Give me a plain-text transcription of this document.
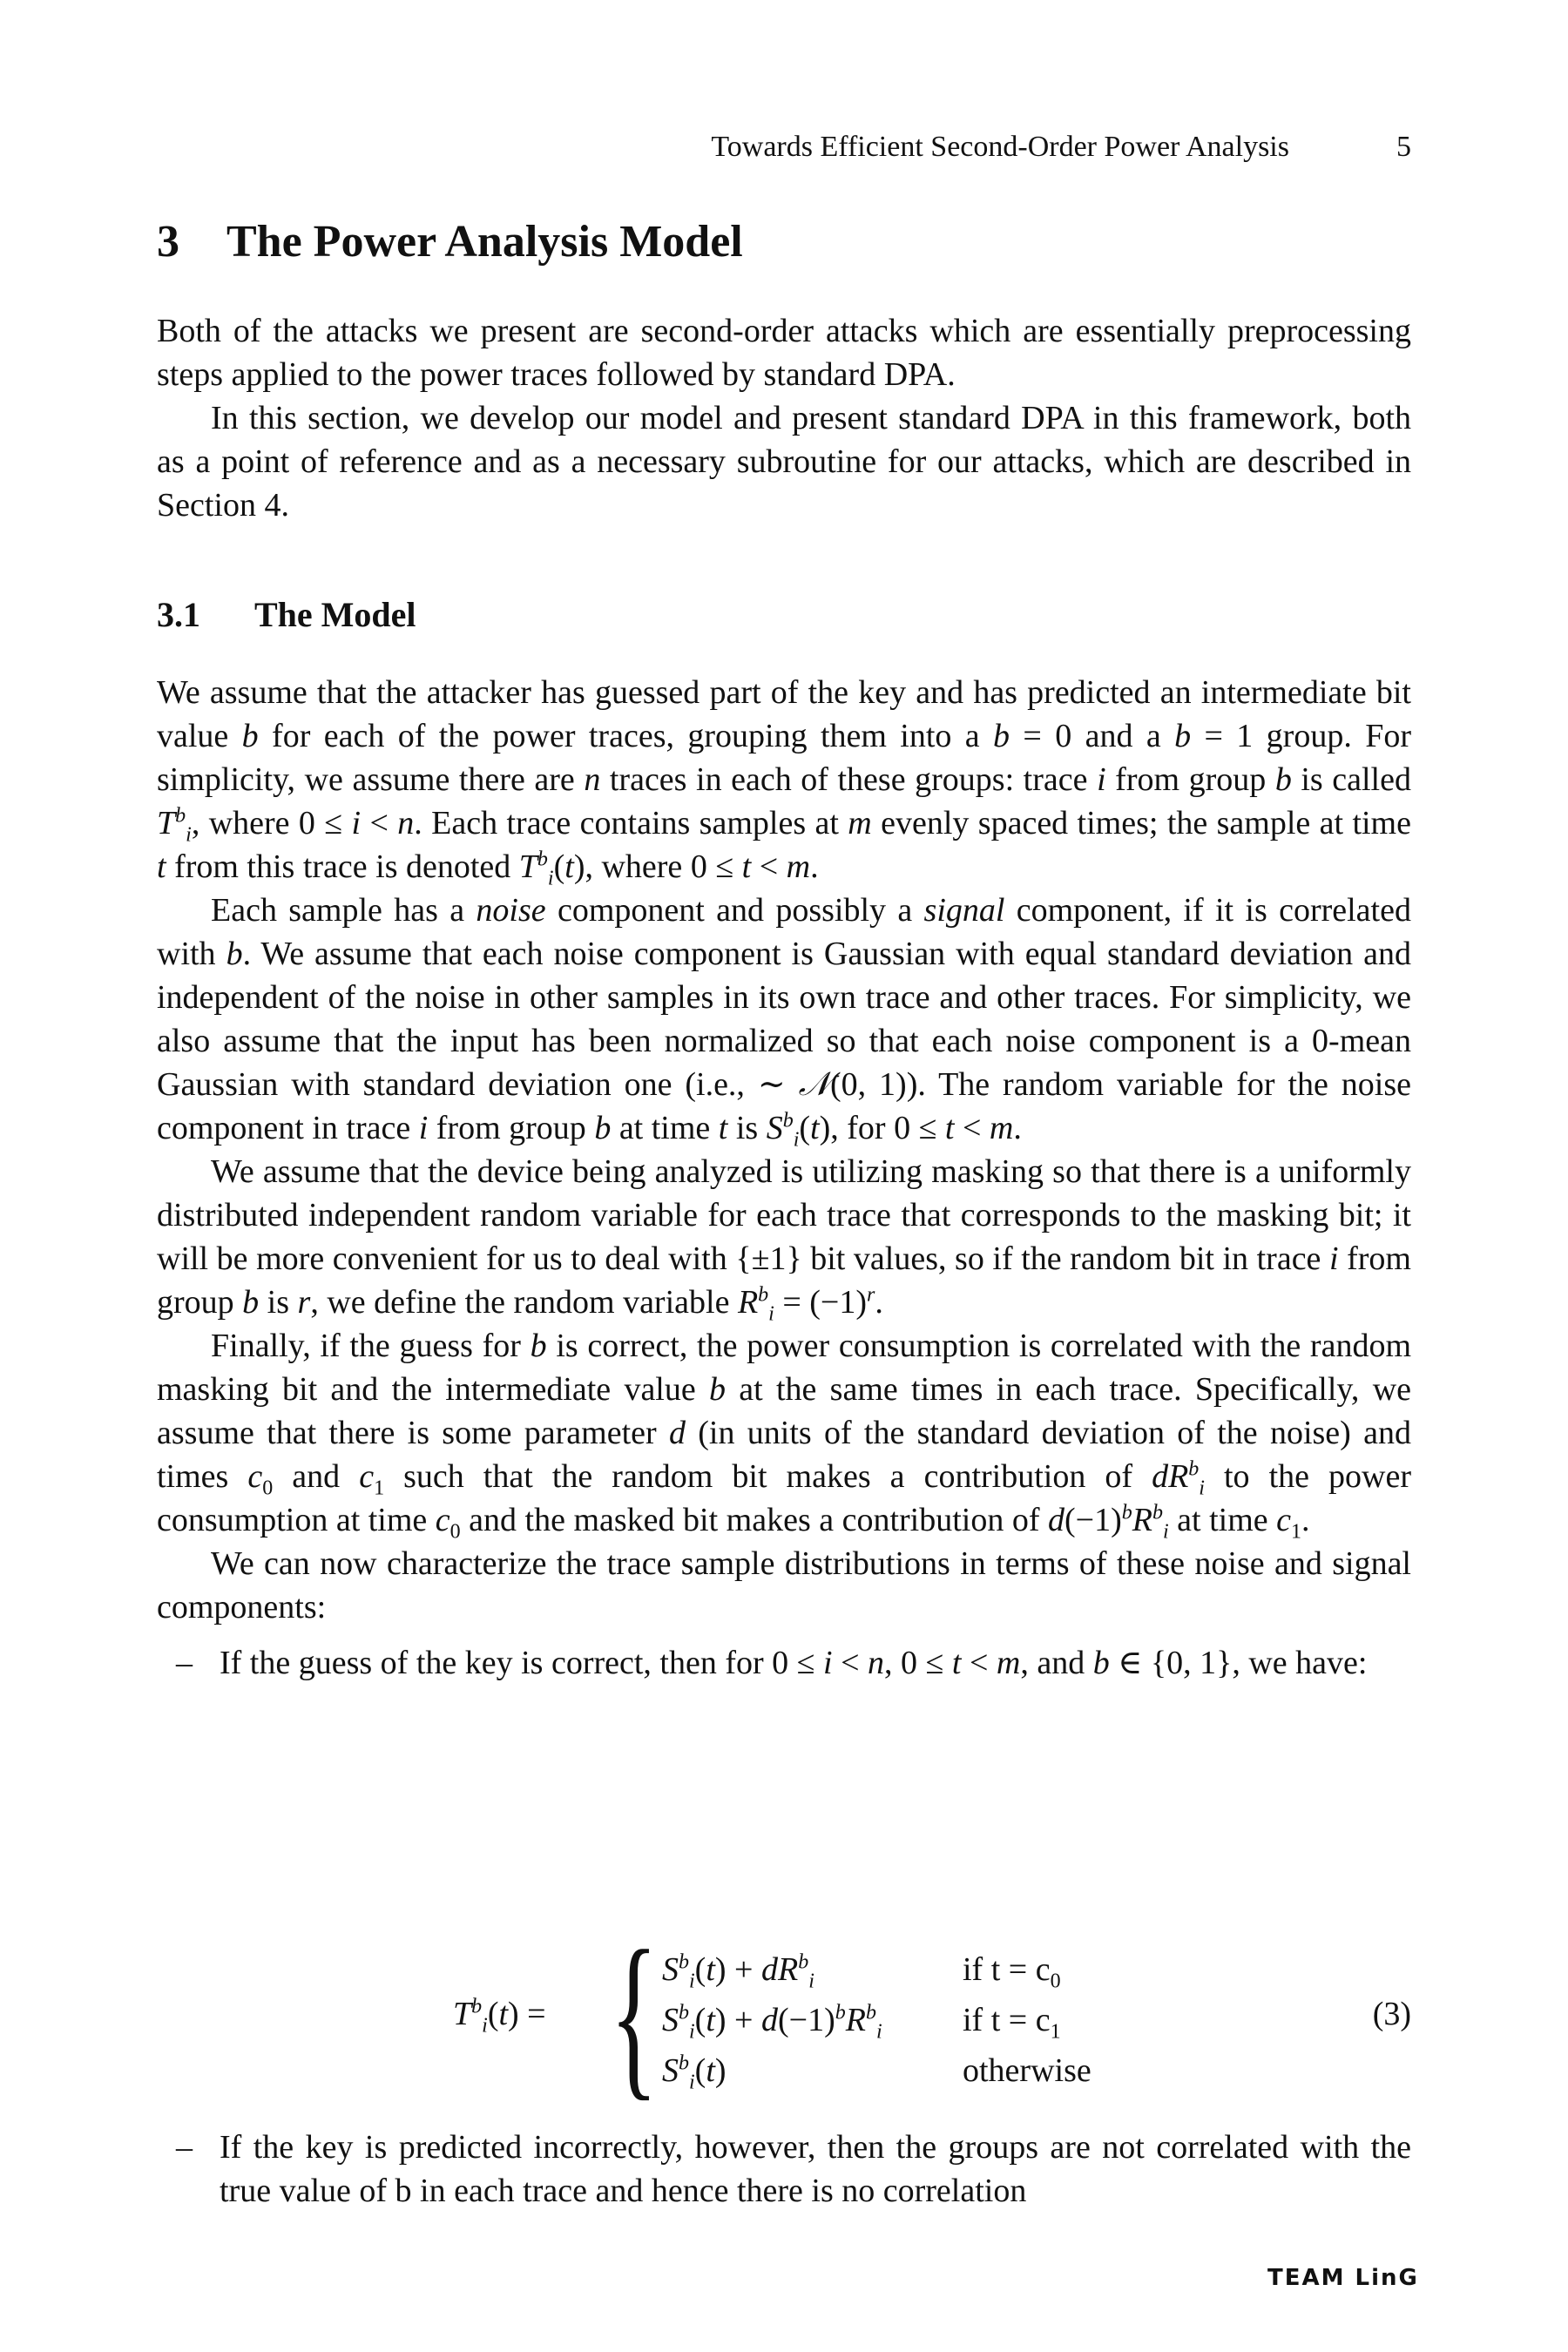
Towards Efficient Second-Order Power Analysis	5
3 The Power Analysis Model

Both of the attacks we present are second-order attacks which are essentially preprocessing steps applied to the power traces followed by standard DPA.

In this section, we develop our model and present standard DPA in this framework, both as a point of reference and as a necessary subroutine for our attacks, which are described in Section 4.

3.1 The Model

We assume that the attacker has guessed part of the key and has predicted an intermediate bit value b for each of the power traces, grouping them into a b = 0 and a b = 1 group. For simplicity, we assume there are n traces in each of these groups: trace i from group b is called $T^b_i$, where 0 ≤ i < n. Each trace contains samples at m evenly spaced times; the sample at time t from this trace is denoted $T^b_i(t)$, where 0 ≤ t < m.

Each sample has a noise component and possibly a signal component, if it is correlated with b. We assume that each noise component is Gaussian with equal standard deviation and independent of the noise in other samples in its own trace and other traces. For simplicity, we also assume that the input has been normalized so that each noise component is a 0-mean Gaussian with standard deviation one (i.e., ∼ 𝒩(0, 1)). The random variable for the noise component in trace i from group b at time t is $S^b_i(t)$, for 0 ≤ t < m.

We assume that the device being analyzed is utilizing masking so that there is a uniformly distributed independent random variable for each trace that corresponds to the masking bit; it will be more convenient for us to deal with {±1} bit values, so if the random bit in trace i from group b is r, we define the random variable $R^b_i = (-1)^r$.

Finally, if the guess for b is correct, the power consumption is correlated with the random masking bit and the intermediate value b at the same times in each trace. Specifically, we assume that there is some parameter d (in units of the standard deviation of the noise) and times $c_0$ and $c_1$ such that the random bit makes a contribution of $dR^b_i$ to the power consumption at time $c_0$ and the masked bit makes a contribution of $d(-1)^bR^b_i$ at time $c_1$.

We can now characterize the trace sample distributions in terms of these noise and signal components:

– If the guess of the key is correct, then for 0 ≤ i < n, 0 ≤ t < m, and b ∈ {0, 1}, we have:

$T^b_i(t)$ = { $S^b_i(t) + dR^b_i$	if $t = c_0$
$S^b_i(t) + d(-1)^bR^b_i$ if $t = c_1$
$S^b_i(t)$	otherwise
(3)

– If the key is predicted incorrectly, however, then the groups are not correlated with the true value of b in each trace and hence there is no correlation

TEAM LinG
